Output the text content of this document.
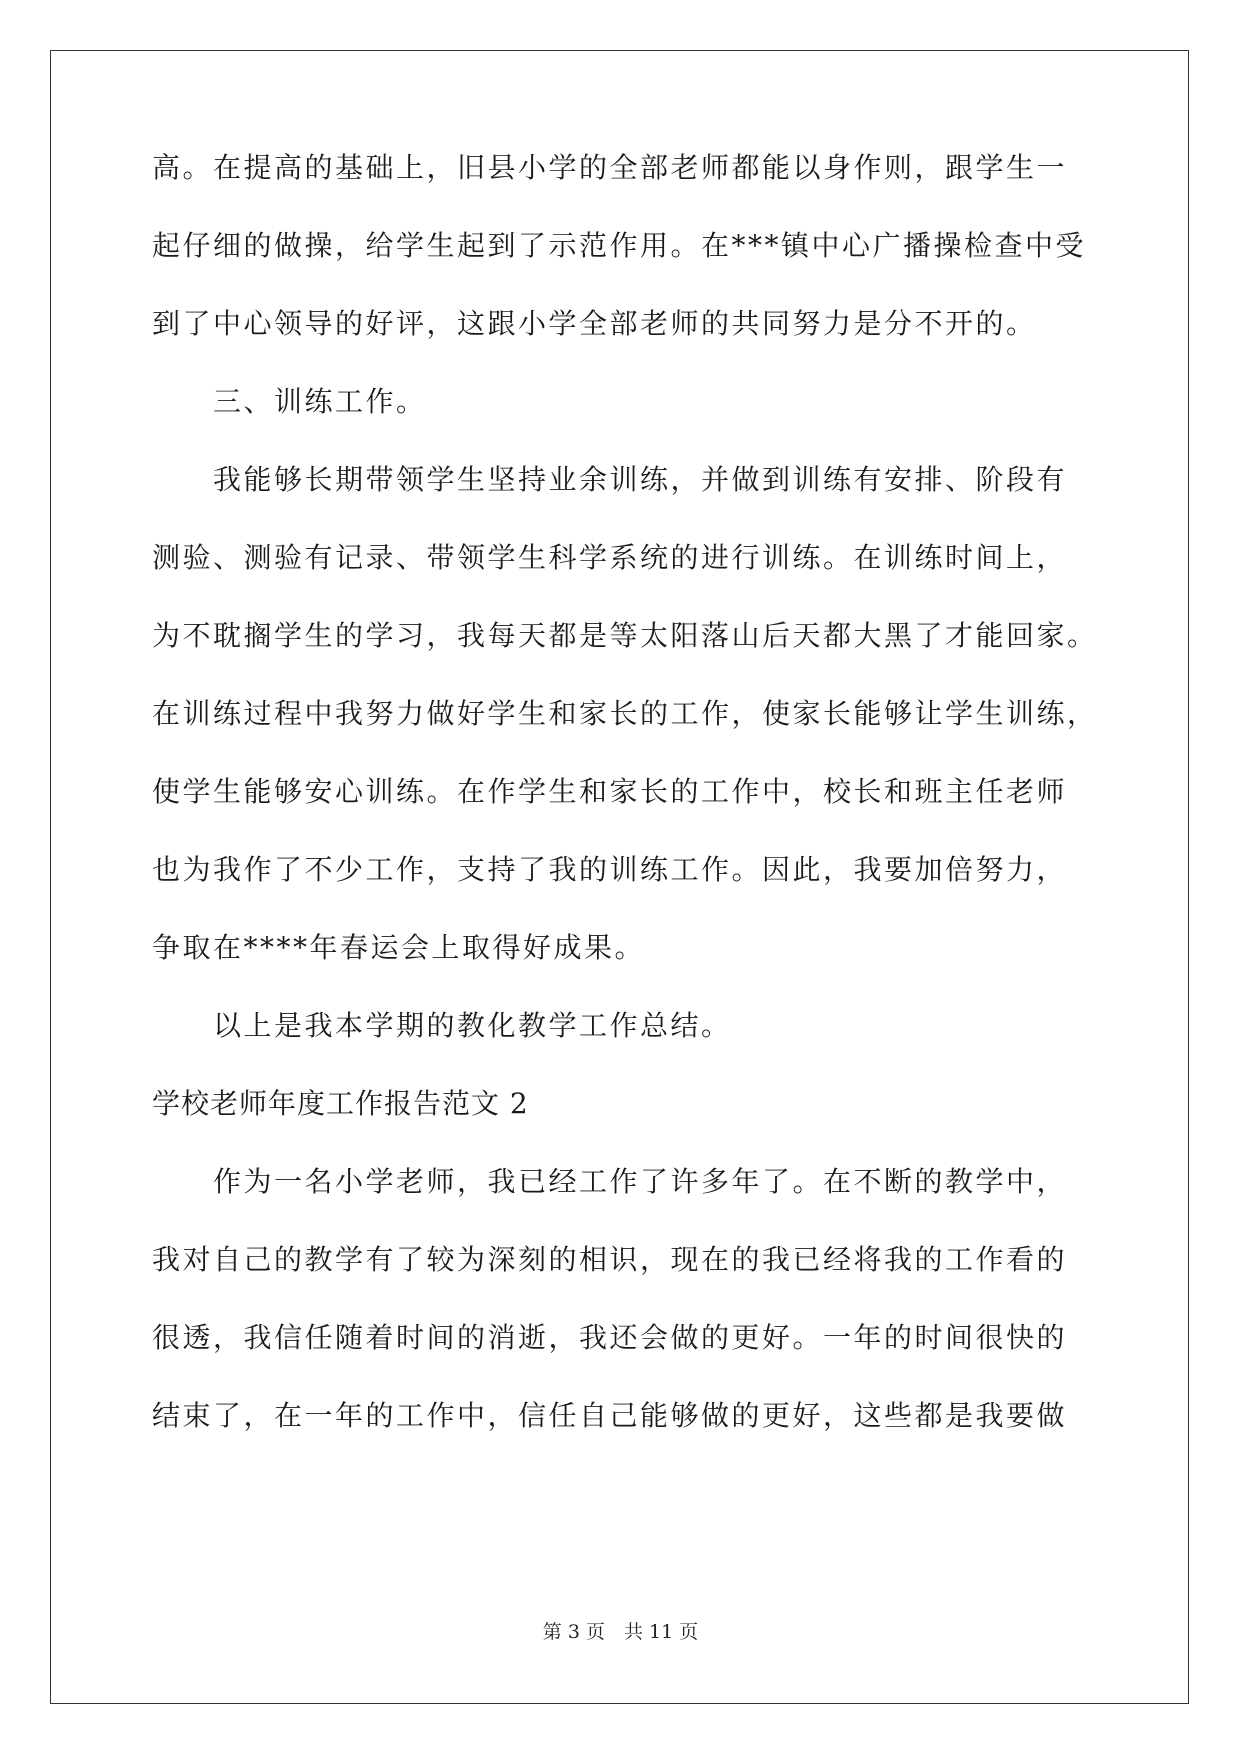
高。在提高的基础上，旧县小学的全部老师都能以身作则，跟学生一
起仔细的做操，给学生起到了示范作用。在***镇中心广播操检查中受
到了中心领导的好评，这跟小学全部老师的共同努力是分不开的。
三、训练工作。
我能够长期带领学生坚持业余训练，并做到训练有安排、阶段有
测验、测验有记录、带领学生科学系统的进行训练。在训练时间上，
为不耽搁学生的学习，我每天都是等太阳落山后天都大黑了才能回家。
在训练过程中我努力做好学生和家长的工作，使家长能够让学生训练，
使学生能够安心训练。在作学生和家长的工作中，校长和班主任老师
也为我作了不少工作，支持了我的训练工作。因此，我要加倍努力，
争取在****年春运会上取得好成果。
以上是我本学期的教化教学工作总结。
学校老师年度工作报告范文 2
作为一名小学老师，我已经工作了许多年了。在不断的教学中，
我对自己的教学有了较为深刻的相识，现在的我已经将我的工作看的
很透，我信任随着时间的消逝，我还会做的更好。一年的时间很快的
结束了，在一年的工作中，信任自己能够做的更好，这些都是我要做
第 3 页　共 11 页
